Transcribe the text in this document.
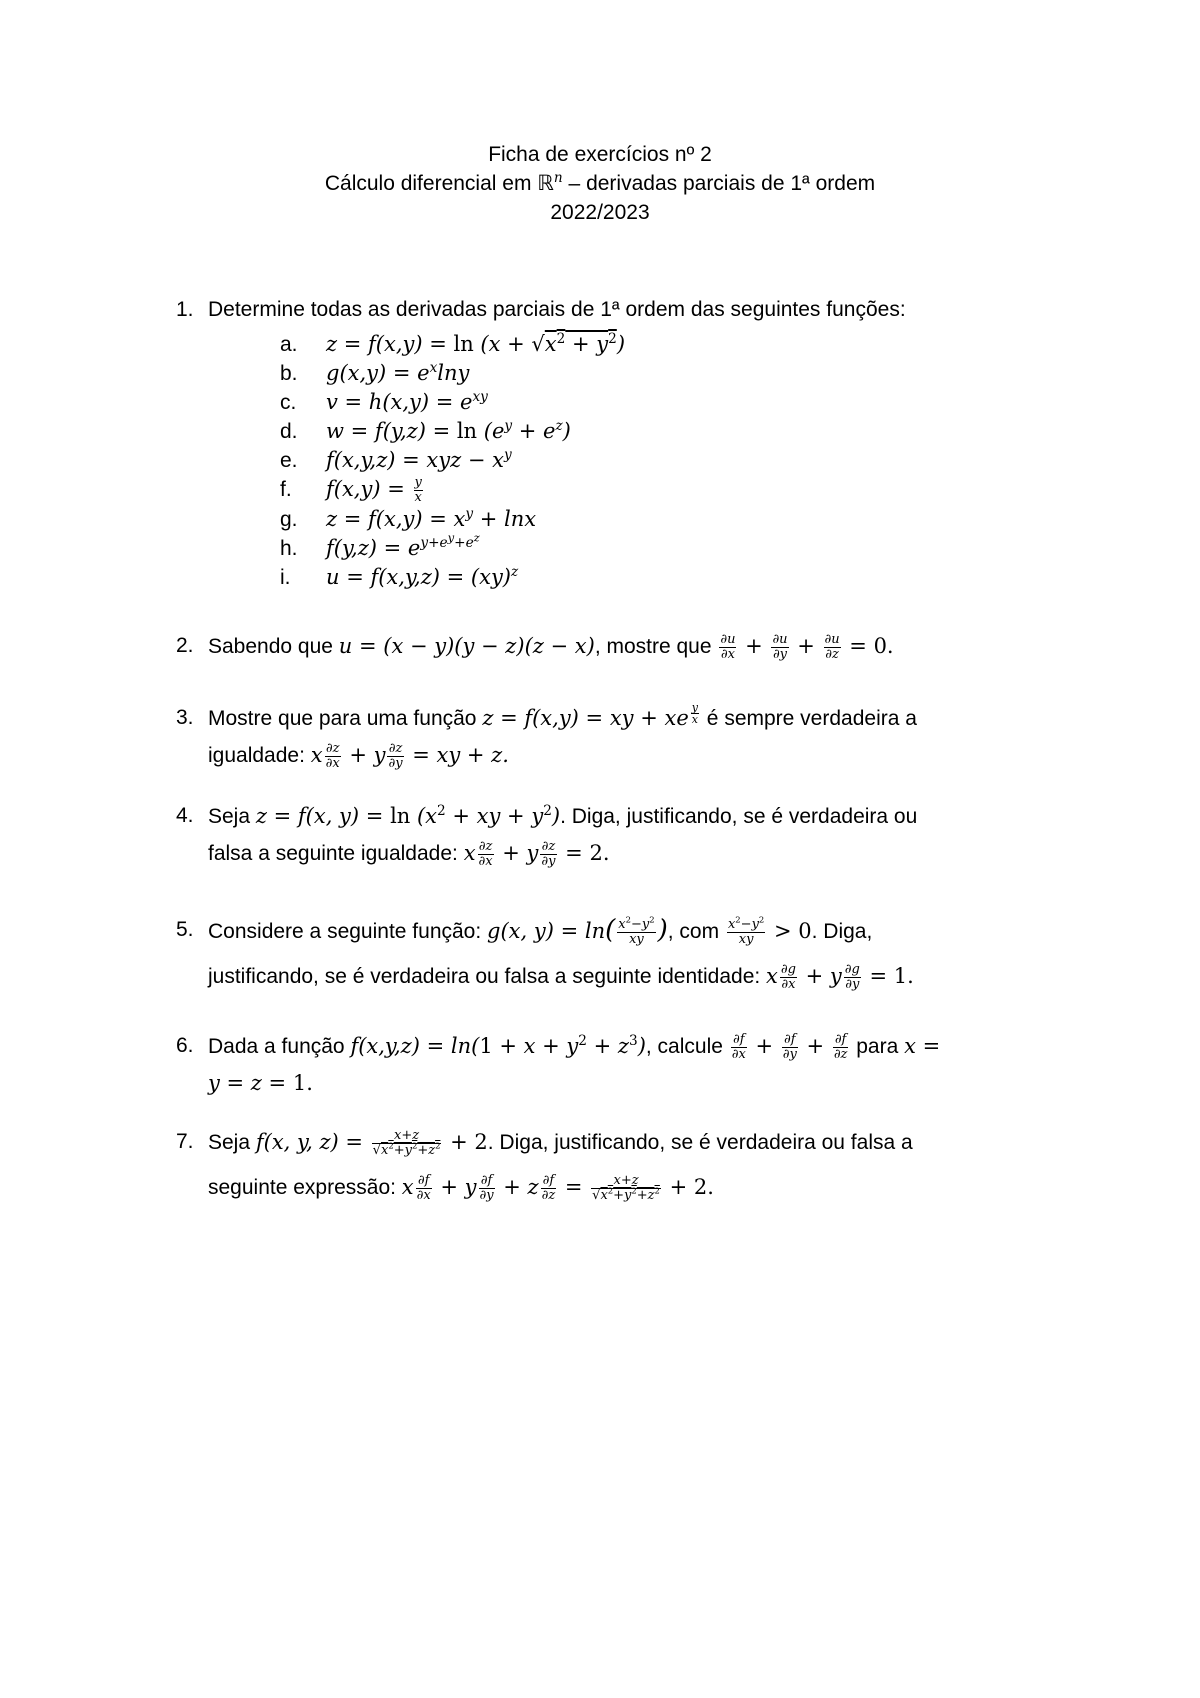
Ficha de exercícios nº 2
Cálculo diferencial em ℝ$^n$ – derivadas parciais de 1ª ordem
2022/2023
1. Determine todas as derivadas parciais de 1ª ordem das seguintes funções:
a. $z = f(x,y) = \ln (x + √x^2 + y^2)$
b. $g(x,y) = e^x\ln y$
c. $v = h(x,y) = e^{xy}$
d. $w = f(y,z) = \ln (e^y + e^z)$
e. f(x,y,z) = xyz − $x^y$
f. $f(x,y) = \frac{y}{x}$
g. $z = f(x,y) = x^y + \ln x$
h. $f(y,z) = e^{y+e^y+e^z}$
i. u = f(x,y,z) = (xy)$^z$
2. Sabendo que u = (x − y)(y − z)(z − x), mostre que $\frac{\partial u}{\partial x} + \frac{\partial u}{\partial y} + \frac{\partial u}{\partial z} = 0$.
3. Mostre que para uma função z = f(x,y) = xy + xe $^{\frac{y}{x}}$ é sempre verdadeira a
igualdade: x $\frac{\partial z}{\partial x} + y \frac{\partial z}{\partial y}$ = xy + z.
4. Seja z = f(x, $y) = \ln (x^2$ + xy + $y^2$). Diga, justificando, se é verdadeira ou
falsa a seguinte igualdade: x $\frac{\partial z}{\partial x} + y \frac{\partial z}{\partial y} = 2$.
5. Considere a seguinte função: g(x, $y) = \ln( \frac{x^2-y^2}{xy}$ ), com $\frac{x^2-y^2}{xy} > 0$. Diga,
justificando, se é verdadeira ou falsa a seguinte identidade: x $\frac{\partial g}{\partial x} + y \frac{\partial g}{\partial y} = 1$.
6. Dada a função $f(x,y,z) = \ln(1 + x + y^2 + z^3)$, calcule $\frac{\partial f}{\partial x} + \frac{\partial f}{\partial y} + \frac{\partial f}{\partial z}$ para x =
y = z = 1.
7. Seja f(x, y, $z) = \frac{x+z}{√x^2+y^2+z^2} + 2$. Diga, justificando, se é verdadeira ou falsa a
seguinte expressão: x $\frac{\partial f}{\partial x} + y \frac{\partial f}{\partial y} + z \frac{\partial f}{\partial z} = \frac{x+z}{√x^2+y^2+z^2} + 2$.
